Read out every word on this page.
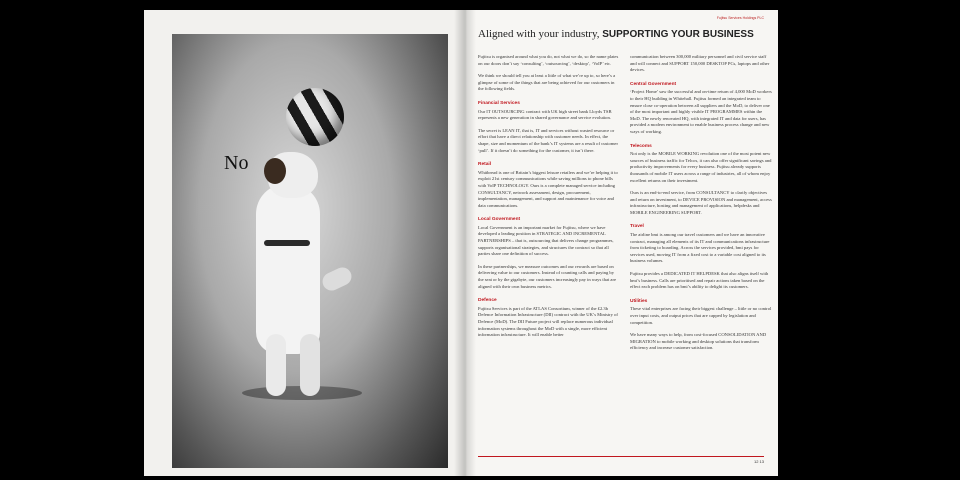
No
Fujitsu Services Holdings PLC
Aligned with your industry, SUPPORTING YOUR BUSINESS
Fujitsu is organised around what you do, not what we do, so the name plates on our doors don’t say ‘consulting’, ‘outsourcing’, ‘desktop’, ‘VoIP’ etc.
We think we should tell you at least a little of what we’re up to, so here’s a glimpse of some of the things that are being achieved for our customers in the following fields.
Financial Services
Our IT OUTSOURCING contract with UK high street bank Lloyds TSB represents a new generation in shared governance and service evolution.
The secret is LEAN IT, that is, IT and services without wasted resource or effort that have a direct relationship with customer needs. In effect, the shape, size and momentum of the bank’s IT systems are a result of customer ‘pull’. If it doesn’t do something for the customer, it isn’t there.
Retail
Whitbread is one of Britain’s biggest leisure retailers and we’re helping it to exploit 21st century communications while saving millions to phone bills with VoIP TECHNOLOGY. Ours is a complete managed service including CONSULTANCY, network assessment, design, procurement, implementation, management, and support and maintenance for voice and data communications.
Local Government
Local Government is an important market for Fujitsu, where we have developed a leading position in STRATEGIC AND INCREMENTAL PARTNERSHIPS – that is, outsourcing that delivers change programmes, supports organisational strategies, and structures the contract so that all parties share one definition of success.
In these partnerships, we measure outcomes and our rewards are based on delivering value to our customers. Instead of counting calls and paying by the seat or by the gigabyte, our customers increasingly pay in ways that are aligned with their own business metrics.
Defence
Fujitsu Services is part of the ATLAS Consortium, winner of the £2.3b Defence Information Infrastructure (DII) contract with the UK’s Ministry of Defence (MoD). The DII Future project will replace numerous individual information systems throughout the MoD with a single, more efficient information infrastructure. It will enable better
communication between 300,000 military personnel and civil service staff and will connect and SUPPORT 150,000 DESKTOP PCs, laptops and other devices.
Central Government
‘Project Home’ saw the successful and on-time return of 4,000 MoD workers to their HQ building in Whitehall. Fujitsu formed an integrated team to ensure close co-operation between all suppliers and the MoD, to deliver one of the most important and highly visible IT PROGRAMMES within the MoD. The newly renovated HQ, with integrated IT and data for users, has provided a modern environment to enable business process change and new ways of working.
Telecoms
Not only is the MOBILE WORKING revolution one of the most potent new sources of business traffic for Telcos, it can also offer significant savings and productivity improvements for every business. Fujitsu already supports thousands of mobile IT users across a range of industries, all of whom enjoy excellent returns on their investment.
Ours is an end-to-end service, from CONSULTANCY to clarify objectives and return on investment, to DEVICE PROVISION and management, access infrastructure, hosting and management of applications, helpdesks and MOBILE ENGINEERING SUPPORT.
Travel
The airline bmi is among our travel customers and we have an innovative contract, managing all elements of its IT and communications infrastructure from ticketing to boarding. Across the services provided, bmi pays for services used, moving IT from a fixed cost to a variable cost aligned to its business volumes.
Fujitsu provides a DEDICATED IT HELPDESK that also aligns itself with bmi’s business. Calls are prioritised and repair actions taken based on the effect each problem has on bmi’s ability to delight its customers.
Utilities
These vital enterprises are facing their biggest challenge – little or no control over input costs, and output prices that are capped by legislation and competition.
We have many ways to help, from cost-focused CONSOLIDATION AND MIGRATION to mobile working and desktop solutions that transform efficiency and increase customer satisfaction.
12 13
